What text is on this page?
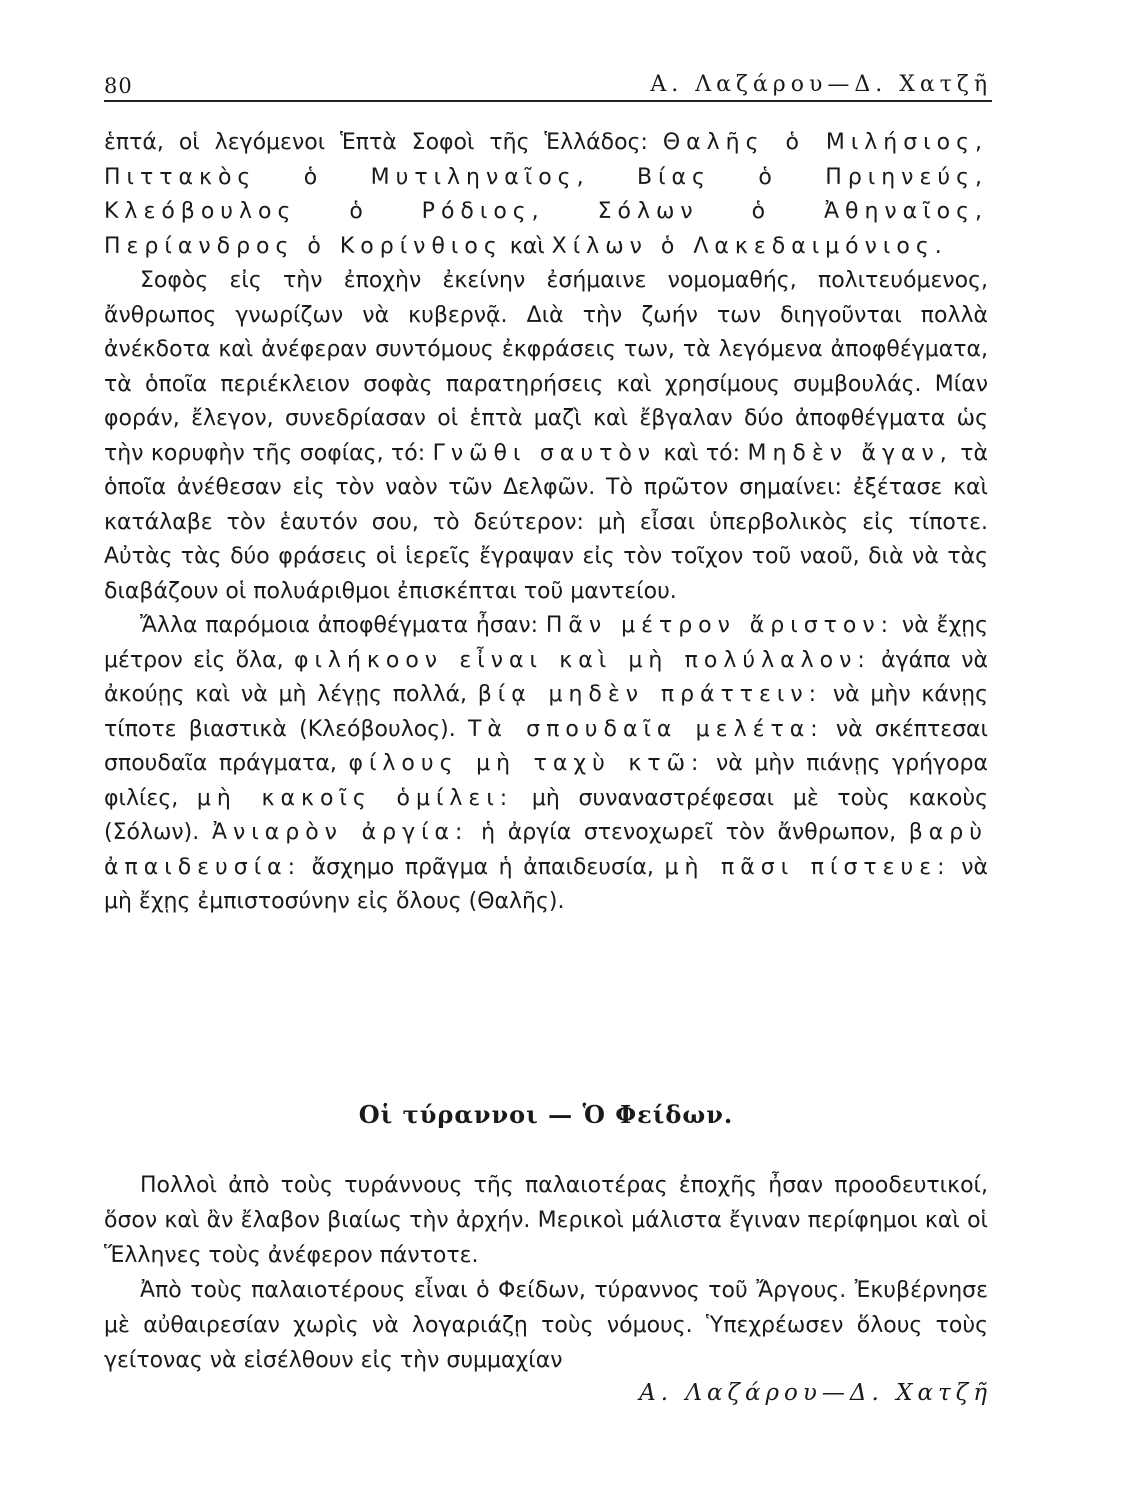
80	Α. Λαζάρου—Δ. Χατζῆ

ἑπτά, οἱ λεγόμενοι Ἑπτὰ Σοφοὶ τῆς Ἑλλάδος: Θαλῆς ὁ Μιλήσιος, Πιττακὸς ὁ Μυτιληναῖος, Βίας ὁ Πριηνεύς, Κλεόβουλος ὁ Ρόδιος, Σόλων ὁ Ἀθηναῖος, Περίανδρος ὁ Κορίνθιος καὶ Χίλων ὁ Λακεδαιμόνιος.

Σοφὸς εἰς τὴν ἐποχὴν ἐκείνην ἐσήμαινε νομομαθής, πολιτευόμενος, ἄνθρωπος γνωρίζων νὰ κυβερνᾷ. Διὰ τὴν ζωήν των διηγοῦνται πολλὰ ἀνέκδοτα καὶ ἀνέφεραν συντόμους ἐκφράσεις των, τὰ λεγόμενα ἀποφθέγματα, τὰ ὁποῖα περιέκλειον σοφὰς παρατηρήσεις καὶ χρησίμους συμβουλάς. Μίαν φοράν, ἔλεγον, συνεδρίασαν οἱ ἑπτὰ μαζὶ καὶ ἔβγαλαν δύο ἀποφθέγματα ὡς τὴν κορυφὴν τῆς σοφίας, τό: Γνῶθι σαυτὸν καὶ τό: Μηδὲν ἄγαν, τὰ ὁποῖα ἀνέθεσαν εἰς τὸν ναὸν τῶν Δελφῶν. Τὸ πρῶτον σημαίνει: ἐξέτασε καὶ κατάλαβε τὸν ἑαυτόν σου, τὸ δεύτερον: μὴ εἶσαι ὑπερβολικὸς εἰς τίποτε. Αὐτὰς τὰς δύο φράσεις οἱ ἱερεῖς ἔγραψαν εἰς τὸν τοῖχον τοῦ ναοῦ, διὰ νὰ τὰς διαβάζουν οἱ πολυάριθμοι ἐπισκέπται τοῦ μαντείου.

Ἄλλα παρόμοια ἀποφθέγματα ἦσαν: Πᾶν μέτρον ἄριστον: νὰ ἔχῃς μέτρον εἰς ὅλα, φιλήκοον εἶναι καὶ μὴ πολύλαλον: ἀγάπα νὰ ἀκούῃς καὶ νὰ μὴ λέγῃς πολλά, βίᾳ μηδὲν πράττειν: νὰ μὴν κάνῃς τίποτε βιαστικὰ (Κλεόβουλος). Τὰ σπουδαῖα μελέτα: νὰ σκέπτεσαι σπουδαῖα πράγματα, φίλους μὴ ταχὺ κτῶ: νὰ μὴν πιάνῃς γρήγορα φιλίες, μὴ κακοῖς ὁμίλει: μὴ συναναστρέφεσαι μὲ τοὺς κακοὺς (Σόλων). Ἀνιαρὸν ἀργία: ἡ ἀργία στενοχωρεῖ τὸν ἄνθρωπον, βαρὺ ἀπαιδευσία: ἄσχημο πρᾶγμα ἡ ἀπαιδευσία, μὴ πᾶσι πίστευε: νὰ μὴ ἔχῃς ἐμπιστοσύνην εἰς ὅλους (Θαλῆς).

Οἱ τύραννοι — Ὁ Φείδων.

Πολλοὶ ἀπὸ τοὺς τυράννους τῆς παλαιοτέρας ἐποχῆς ἦσαν προοδευτικοί, ὅσον καὶ ἂν ἔλαβον βιαίως τὴν ἀρχήν. Μερικοὶ μάλιστα ἔγιναν περίφημοι καὶ οἱ Ἕλληνες τοὺς ἀνέφερον πάντοτε.

Ἀπὸ τοὺς παλαιοτέρους εἶναι ὁ Φείδων, τύραννος τοῦ Ἄργους. Ἐκυβέρνησε μὲ αὐθαιρεσίαν χωρὶς νὰ λογαριάζῃ τοὺς νόμους. Ὑπεχρέωσεν ὅλους τοὺς γείτονας νὰ εἰσέλθουν εἰς τὴν συμμαχίαν

Α. Λαζάρου—Δ. Χατζῆ
